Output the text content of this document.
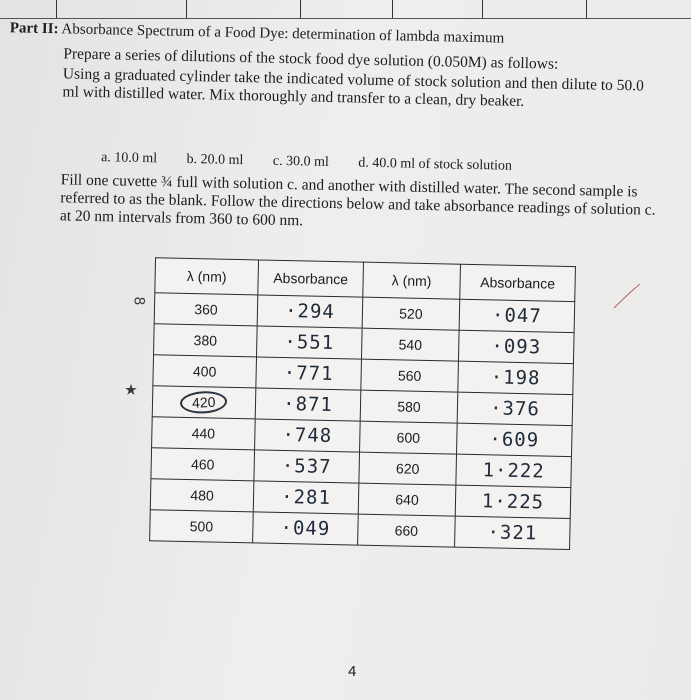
Part II: Absorbance Spectrum of a Food Dye: determination of lambda maximum
Prepare a series of dilutions of the stock food dye solution (0.050M) as follows:
Using a graduated cylinder take the indicated volume of stock solution and then dilute to 50.0 ml with distilled water. Mix thoroughly and transfer to a clean, dry beaker.
a. 10.0 ml b. 20.0 ml c. 30.0 ml d. 40.0 ml of stock solution
Fill one cuvette ¾ full with solution c. and another with distilled water. The second sample is referred to as the blank. Follow the directions below and take absorbance readings of solution c. at 20 nm intervals from 360 to 600 nm.
8
★
λ (nm)	Absorbance	λ (nm)	Absorbance
360	·294	520	·047
380	·551	540	·093
400	·771	560	·198
420	·871	580	·376
440	·748	600	·609
460	·537	620	1·222
480	·281	640	1·225
500	·049	660	·321
4
